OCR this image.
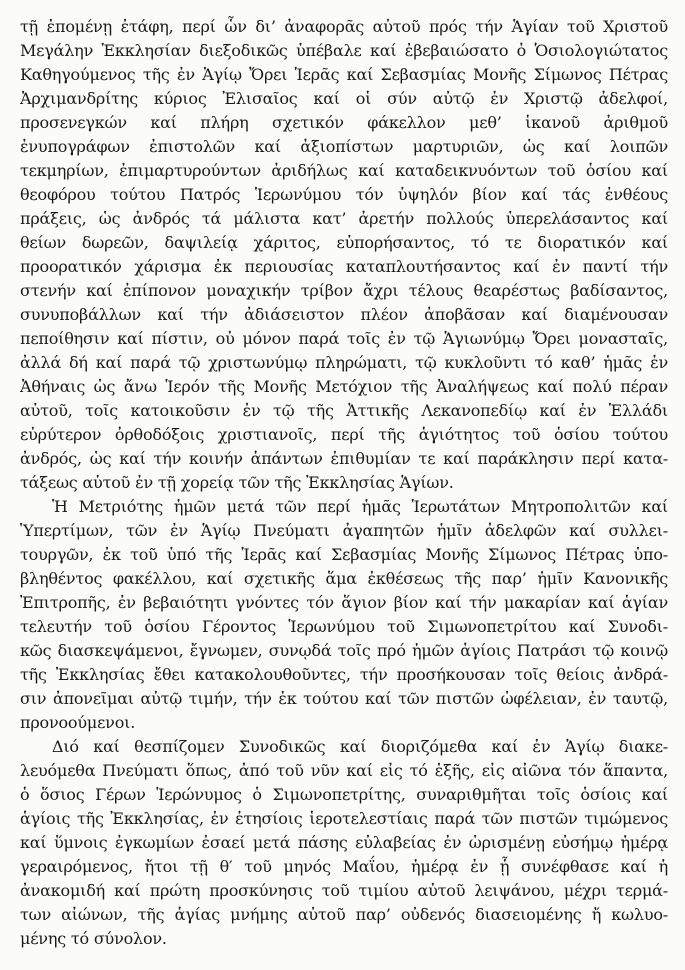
τῇ ἑπομένῃ ἐτάφη, περί ὧν δι’ ἀναφορᾶς αὐτοῦ πρός τήν Ἁγίαν τοῦ Χριστοῦ
Μεγάλην Ἐκκλησίαν διεξοδικῶς ὑπέβαλε καί ἐβεβαιώσατο ὁ Ὁσιολογιώτατος
Καθηγούμενος τῆς ἐν Ἁγίῳ Ὄρει Ἱερᾶς καί Σεβασμίας Μονῆς Σίμωνος Πέτρας
Ἀρχιμανδρίτης κύριος Ἐλισαῖος καί οἱ σύν αὐτῷ ἐν Χριστῷ ἀδελφοί,
προσενεγκών καί πλήρη σχετικόν φάκελλον μεθ’ ἱκανοῦ ἀριθμοῦ
ἐνυπογράφων ἐπιστολῶν καί ἀξιοπίστων μαρτυριῶν, ὡς καί λοιπῶν
τεκμηρίων, ἐπιμαρτυρούντων ἀριδήλως καί καταδεικνυόντων τοῦ ὁσίου καί
θεοφόρου τούτου Πατρός Ἱερωνύμου τόν ὑψηλόν βίον καί τάς ἐνθέους
πράξεις, ὡς ἀνδρός τά μάλιστα κατ’ ἀρετήν πολλούς ὑπερελάσαντος καί
θείων δωρεῶν, δαψιλείᾳ χάριτος, εὐπορήσαντος, τό τε διορατικόν καί
προορατικόν χάρισμα ἐκ περιουσίας καταπλουτήσαντος καί ἐν παντί τήν
στενήν καί ἐπίπονον μοναχικήν τρίβον ἄχρι τέλους θεαρέστως βαδίσαντος,
συνυποβάλλων καί τήν ἀδιάσειστον πλέον ἀποβᾶσαν καί διαμένουσαν
πεποίθησιν καί πίστιν, οὐ μόνον παρά τοῖς ἐν τῷ Ἁγιωνύμῳ Ὄρει μονασταῖς,
ἀλλά δή καί παρά τῷ χριστωνύμῳ πληρώματι, τῷ κυκλοῦντι τό καθ’ ἡμᾶς ἐν
Ἀθήναις ὡς ἄνω Ἱερόν τῆς Μονῆς Μετόχιον τῆς Ἀναλήψεως καί πολύ πέραν
αὐτοῦ, τοῖς κατοικοῦσιν ἐν τῷ τῆς Ἀττικῆς Λεκανοπεδίῳ καί ἐν Ἑλλάδι
εὐρύτερον ὀρθοδόξοις χριστιανοῖς, περί τῆς ἁγιότητος τοῦ ὁσίου τούτου
ἀνδρός, ὡς καί τήν κοινήν ἁπάντων ἐπιθυμίαν τε καί παράκλησιν περί κατα-
τάξεως αὐτοῦ ἐν τῇ χορείᾳ τῶν τῆς Ἐκκλησίας Ἁγίων.
Ἡ Μετριότης ἡμῶν μετά τῶν περί ἡμᾶς Ἱερωτάτων Μητροπολιτῶν καί
Ὑπερτίμων, τῶν ἐν Ἁγίῳ Πνεύματι ἀγαπητῶν ἡμῖν ἀδελφῶν καί συλλει-
τουργῶν, ἐκ τοῦ ὑπό τῆς Ἱερᾶς καί Σεβασμίας Μονῆς Σίμωνος Πέτρας ὑπο-
βληθέντος φακέλλου, καί σχετικῆς ἅμα ἐκθέσεως τῆς παρ’ ἡμῖν Κανονικῆς
Ἐπιτροπῆς, ἐν βεβαιότητι γνόντες τόν ἅγιον βίον καί τήν μακαρίαν καί ἁγίαν
τελευτήν τοῦ ὁσίου Γέροντος Ἱερωνύμου τοῦ Σιμωνοπετρίτου καί Συνοδι-
κῶς διασκεψάμενοι, ἔγνωμεν, συνῳδά τοῖς πρό ἡμῶν ἁγίοις Πατράσι τῷ κοινῷ
τῆς Ἐκκλησίας ἔθει κατακολουθοῦντες, τήν προσήκουσαν τοῖς θείοις ἀνδρά-
σιν ἀπονεῖμαι αὐτῷ τιμήν, τήν ἐκ τούτου καί τῶν πιστῶν ὠφέλειαν, ἐν ταυτῷ,
προνοούμενοι.
Διό καί θεσπίζομεν Συνοδικῶς καί διοριζόμεθα καί ἐν Ἁγίῳ διακε-
λευόμεθα Πνεύματι ὅπως, ἀπό τοῦ νῦν καί εἰς τό ἑξῆς, εἰς αἰῶνα τόν ἅπαντα,
ὁ ὅσιος Γέρων Ἱερώνυμος ὁ Σιμωνοπετρίτης, συναριθμῆται τοῖς ὁσίοις καί
ἁγίοις τῆς Ἐκκλησίας, ἐν ἐτησίοις ἱεροτελεστίαις παρά τῶν πιστῶν τιμώμενος
καί ὕμνοις ἐγκωμίων ἐσαεί μετά πάσης εὐλαβείας ἐν ὡρισμένῃ εὐσήμῳ ἡμέρᾳ
γεραιρόμενος, ἤτοι τῇ θ′ τοῦ μηνός Μαΐου, ἡμέρᾳ ἐν ᾗ συνέφθασε καί ἡ
ἀνακομιδή καί πρώτη προσκύνησις τοῦ τιμίου αὐτοῦ λειψάνου, μέχρι τερμά-
των αἰώνων, τῆς ἁγίας μνήμης αὐτοῦ παρ’ οὐδενός διασειομένης ἤ κωλυο-
μένης τό σύνολον.
